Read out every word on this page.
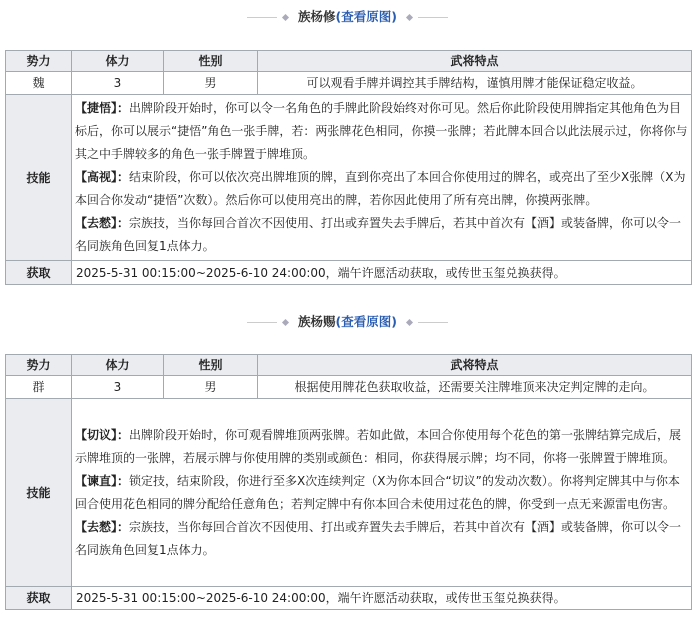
族杨修(查看原图)
势力	体力	性别	武将特点
魏	3	男	可以观看手牌并调控其手牌结构，谨慎用牌才能保证稳定收益。
技能	【捷悟】：出牌阶段开始时，你可以令一名角色的手牌此阶段始终对你可见。然后你此阶段使用牌指定其他角色为目标后，你可以展示“捷悟”角色一张手牌，若：两张牌花色相同，你摸一张牌；若此牌本回合以此法展示过，你将你与其之中手牌较多的角色一张手牌置于牌堆顶。
【高视】：结束阶段，你可以依次亮出牌堆顶的牌，直到你亮出了本回合你使用过的牌名，或亮出了至少X张牌（X为本回合你发动“捷悟”次数）。然后你可以使用亮出的牌，若你因此使用了所有亮出牌，你摸两张牌。
【去憖】：宗族技，当你每回合首次不因使用、打出或弃置失去手牌后，若其中首次有【酒】或装备牌，你可以令一名同族角色回复1点体力。		

获取	2025-5-31 00:15:00~2025-6-10 24:00:00，端午许愿活动获取，或传世玉玺兑换获得。		
族杨赐(查看原图)
势力	体力	性别	武将特点
群	3	男	根据使用牌花色获取收益，还需要关注牌堆顶来决定判定牌的走向。
技能	【切议】：出牌阶段开始时，你可观看牌堆顶两张牌。若如此做，本回合你使用每个花色的第一张牌结算完成后，展示牌堆顶的一张牌，若展示牌与你使用牌的类别或颜色：相同，你获得展示牌；均不同，你将一张牌置于牌堆顶。
【谏直】：锁定技，结束阶段，你进行至多X次连续判定（X为你本回合“切议”的发动次数）。你将判定牌其中与你本回合使用花色相同的牌分配给任意角色；若判定牌中有你本回合未使用过花色的牌，你受到一点无来源雷电伤害。
【去憖】：宗族技，当你每回合首次不因使用、打出或弃置失去手牌后，若其中首次有【酒】或装备牌，你可以令一名同族角色回复1点体力。		

获取	2025-5-31 00:15:00~2025-6-10 24:00:00，端午许愿活动获取，或传世玉玺兑换获得。		
